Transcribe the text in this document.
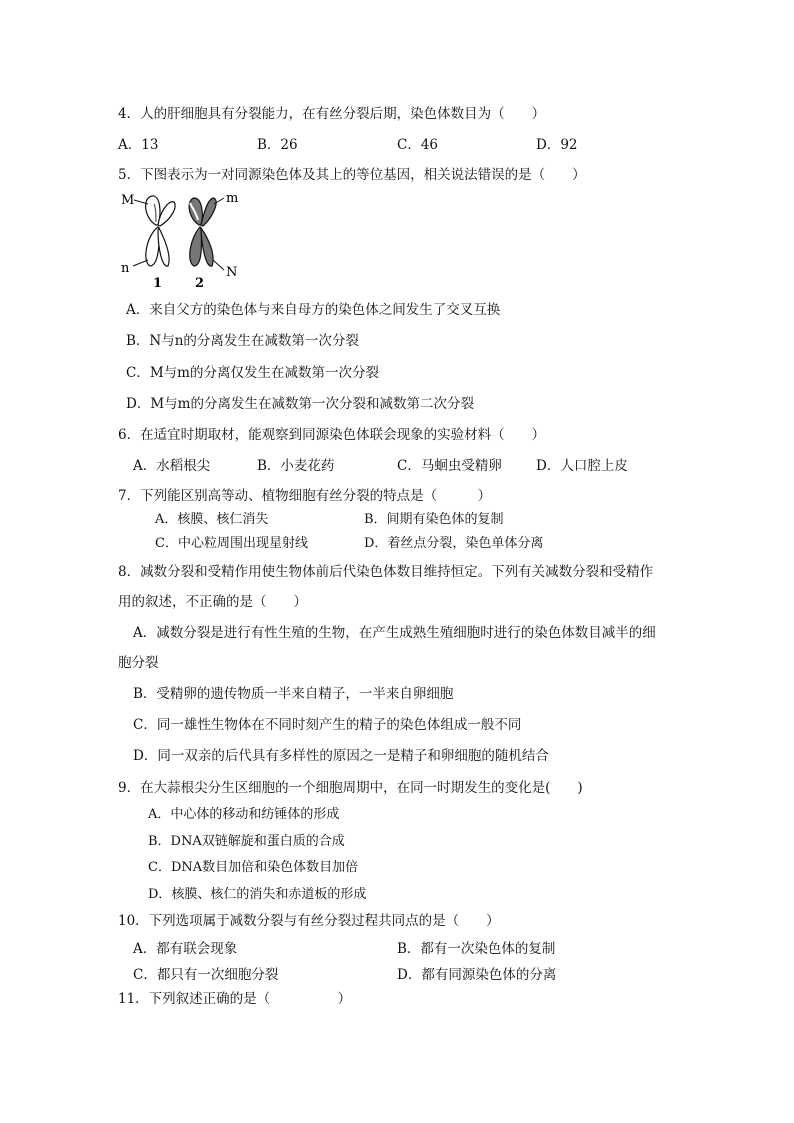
4．人的肝细胞具有分裂能力，在有丝分裂后期，染色体数目为（　　）
A．13	B．26	C．46	D．92
5．下图表示为一对同源染色体及其上的等位基因，相关说法错误的是（　　）
M	m
n	N
1	2
A．来自父方的染色体与来自母方的染色体之间发生了交叉互换
B．N与n的分离发生在减数第一次分裂
C．M与m的分离仅发生在减数第一次分裂
D．M与m的分离发生在减数第一次分裂和减数第二次分裂
6．在适宜时期取材，能观察到同源染色体联会现象的实验材料（　　）
A．水稻根尖	B．小麦花药	C．马蛔虫受精卵	D．人口腔上皮
7．下列能区别高等动、植物细胞有丝分裂的特点是（　　　）
A．核膜、核仁消失	B．间期有染色体的复制
C．中心粒周围出现星射线	D．着丝点分裂，染色单体分离
8．减数分裂和受精作用使生物体前后代染色体数目维持恒定。下列有关减数分裂和受精作
用的叙述，不正确的是（　　）
A．减数分裂是进行有性生殖的生物，在产生成熟生殖细胞时进行的染色体数目减半的细
胞分裂
B．受精卵的遗传物质一半来自精子，一半来自卵细胞
C．同一雄性生物体在不同时刻产生的精子的染色体组成一般不同
D．同一双亲的后代具有多样性的原因之一是精子和卵细胞的随机结合
9．在大蒜根尖分生区细胞的一个细胞周期中，在同一时期发生的变化是(　　)
A．中心体的移动和纺锤体的形成
B．DNA双链解旋和蛋白质的合成
C．DNA数目加倍和染色体数目加倍
D．核膜、核仁的消失和赤道板的形成
10．下列选项属于减数分裂与有丝分裂过程共同点的是（　　）
A．都有联会现象	B．都有一次染色体的复制
C．都只有一次细胞分裂	D．都有同源染色体的分离
11．下列叙述正确的是（　　　　　）
